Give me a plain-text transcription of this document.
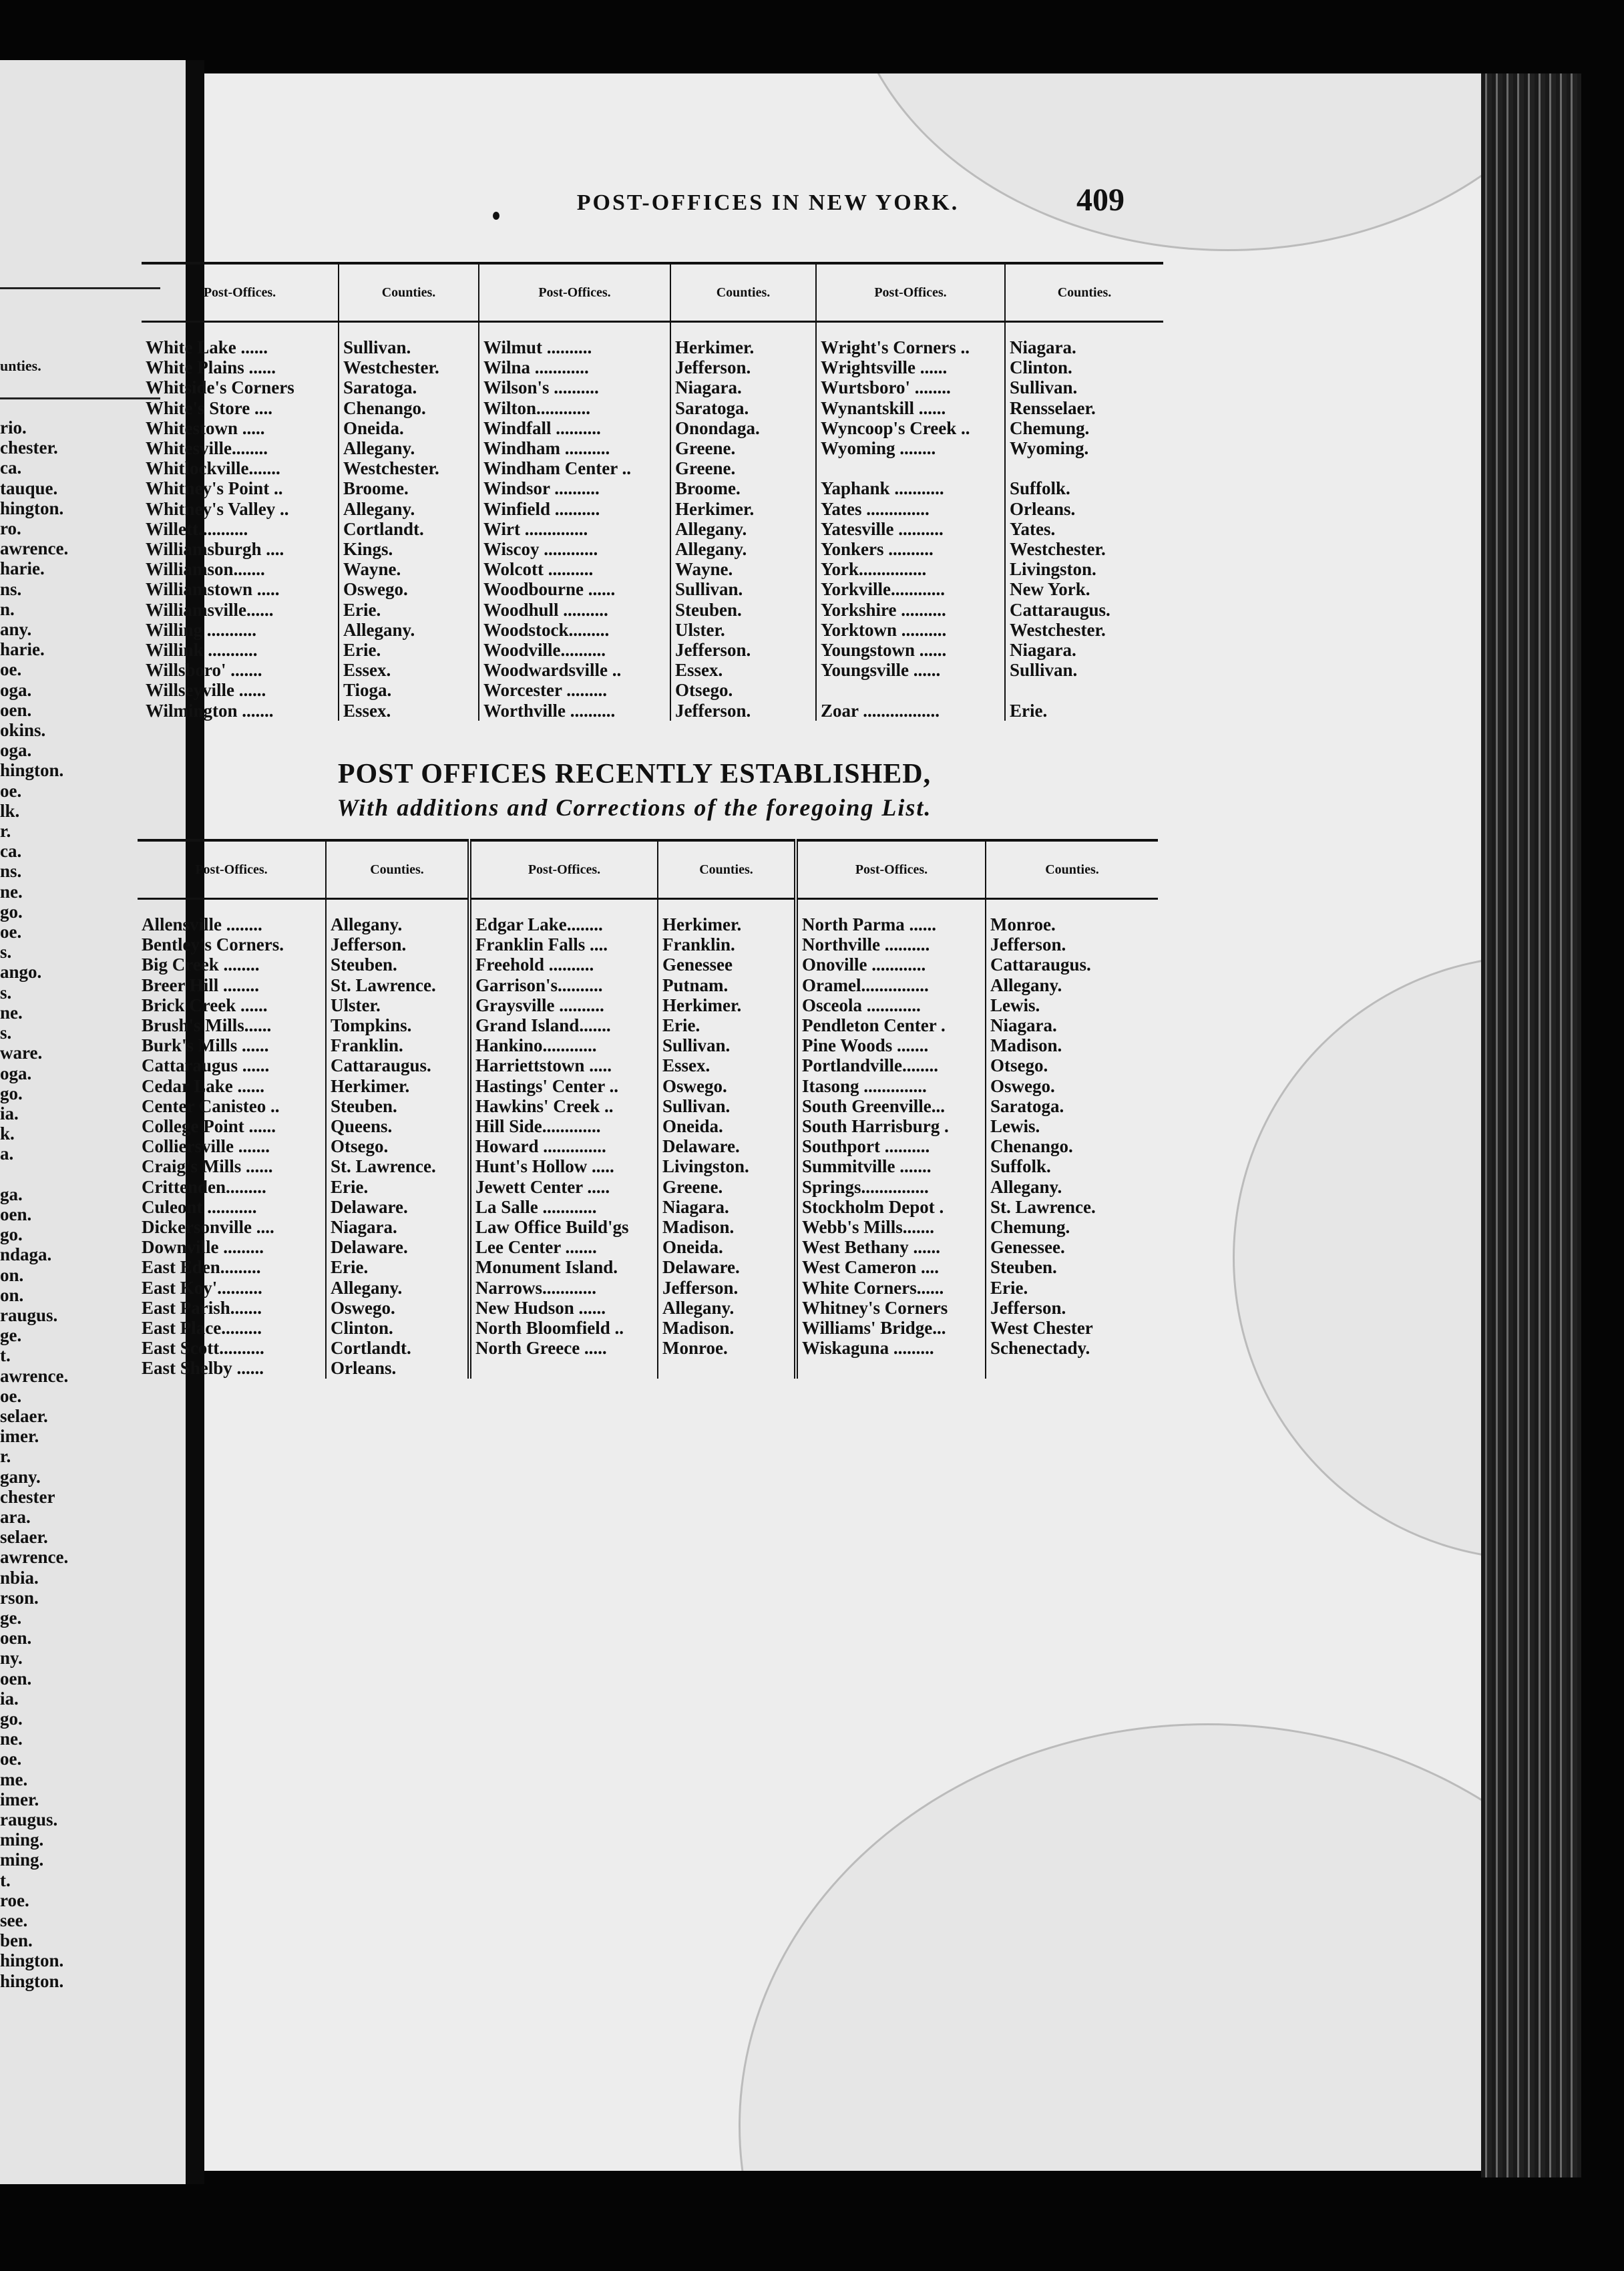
unties.
rio.
chester.
ca.
tauque.
hington.
ro.
awrence.
harie.
ns.
n.
any.
harie.
oe.
oga.
oen.
okins.
oga.
hington.
oe.
lk.
r.
ca.
ns.
ne.
go.
oe.
s.
ango.
s.
ne.
s.
ware.
oga.
go.
ia.
k.
a.

ga.
oen.
go.
ndaga.
on.
on.
raugus.
ge.
t.
awrence.
oe.
selaer.
imer.
r.
gany.
chester
ara.
selaer.
awrence.
nbia.
rson.
ge.
oen.
ny.
oen.
ia.
go.
ne.
oe.
me.
imer.
raugus.
ming.
ming.
t.
roe.
see.
ben.
hington.
hington.
POST-OFFICES IN NEW YORK.	409
Post-Offices.	Counties.	Post-Offices.	Counties.	Post-Offices.	Counties.
White Lake ......	Sullivan.	Wilmut ..........	Herkimer.	Wright's Corners ..	Niagara.
White Plains ......	Westchester.	Wilna ............	Jefferson.	Wrightsville ......	Clinton.
Whitside's Corners	Saratoga.	Wilson's ..........	Niagara.	Wurtsboro' ........	Sullivan.
White's Store ....	Chenango.	Wilton............	Saratoga.	Wynantskill ......	Rensselaer.
Whitestown .....	Oneida.	Windfall ..........	Onondaga.	Wyncoop's Creek ..	Chemung.
Whitesville........	Allegany.	Windham ..........	Greene.	Wyoming ........	Wyoming.
Whitlockville.......	Westchester.	Windham Center ..	Greene.		
Whitney's Point ..	Broome.	Windsor ..........	Broome.	Yaphank ...........	Suffolk.
Whitney's Valley ..	Allegany.	Winfield ..........	Herkimer.	Yates ..............	Orleans.
Willett...........	Cortlandt.	Wirt ..............	Allegany.	Yatesville ..........	Yates.
Williamsburgh ....	Kings.	Wiscoy ............	Allegany.	Yonkers ..........	Westchester.
Williamson.......	Wayne.	Wolcott ..........	Wayne.	York...............	Livingston.
Williamstown .....	Oswego.	Woodbourne ......	Sullivan.	Yorkville............	New York.
Williamsville......	Erie.	Woodhull ..........	Steuben.	Yorkshire ..........	Cattaraugus.
Willing ...........	Allegany.	Woodstock.........	Ulster.	Yorktown ..........	Westchester.
Willink ...........	Erie.	Woodville..........	Jefferson.	Youngstown ......	Niagara.
Willsboro' .......	Essex.	Woodwardsville ..	Essex.	Youngsville ......	Sullivan.
Willseyville ......	Tioga.	Worcester .........	Otsego.		
Wilmington .......	Essex.	Worthville ..........	Jefferson.	Zoar .................	Erie.
POST OFFICES RECENTLY ESTABLISHED,
With additions and Corrections of the foregoing List.
Post-Offices.	Counties.	Post-Offices.	Counties.	Post-Offices.	Counties.
Allensville ........	Allegany.	Edgar Lake........	Herkimer.	North Parma ......	Monroe.
Bentley's Corners.	Jefferson.	Franklin Falls ....	Franklin.	Northville ..........	Jefferson.
Big Creek ........	Steuben.	Freehold ..........	Genessee	Onoville ............	Cattaraugus.
Breer Hill ........	St. Lawrence.	Garrison's..........	Putnam.	Oramel...............	Allegany.
Brick Creek ......	Ulster.	Graysville ..........	Herkimer.	Osceola ............	Lewis.
Brush's Mills......	Tompkins.	Grand Island.......	Erie.	Pendleton Center .	Niagara.
Burk's Mills ......	Franklin.	Hankino............	Sullivan.	Pine Woods .......	Madison.
Cattaraugus ......	Cattaraugus.	Harriettstown .....	Essex.	Portlandville........	Otsego.
Cedar Lake ......	Herkimer.	Hastings' Center ..	Oswego.	Itasong ..............	Oswego.
Center Canisteo ..	Steuben.	Hawkins' Creek ..	Sullivan.	South Greenville...	Saratoga.
College Point ......	Queens.	Hill Side.............	Oneida.	South Harrisburg .	Lewis.
Colliersville .......	Otsego.	Howard ..............	Delaware.	Southport ..........	Chenango.
Craig's Mills ......	St. Lawrence.	Hunt's Hollow .....	Livingston.	Summitville .......	Suffolk.
Crittenden.........	Erie.	Jewett Center .....	Greene.	Springs...............	Allegany.
Culeont ...........	Delaware.	La Salle ............	Niagara.	Stockholm Depot .	St. Lawrence.
Dickersonville ....	Niagara.	Law Office Build'gs	Madison.	Webb's Mills.......	Chemung.
Downville .........	Delaware.	Lee Center .......	Oneida.	West Bethany ......	Genessee.
East Eden.........	Erie.	Monument Island.	Delaware.	West Cameron ....	Steuben.
East Koy'..........	Allegany.	Narrows............	Jefferson.	White Corners......	Erie.
East Parish.......	Oswego.	New Hudson ......	Allegany.	Whitney's Corners	Jefferson.
East Place.........	Clinton.	North Bloomfield ..	Madison.	Williams' Bridge...	West Chester
East Scott..........	Cortlandt.	North Greece .....	Monroe.	Wiskaguna .........	Schenectady.
East Shelby ......	Orleans.				
